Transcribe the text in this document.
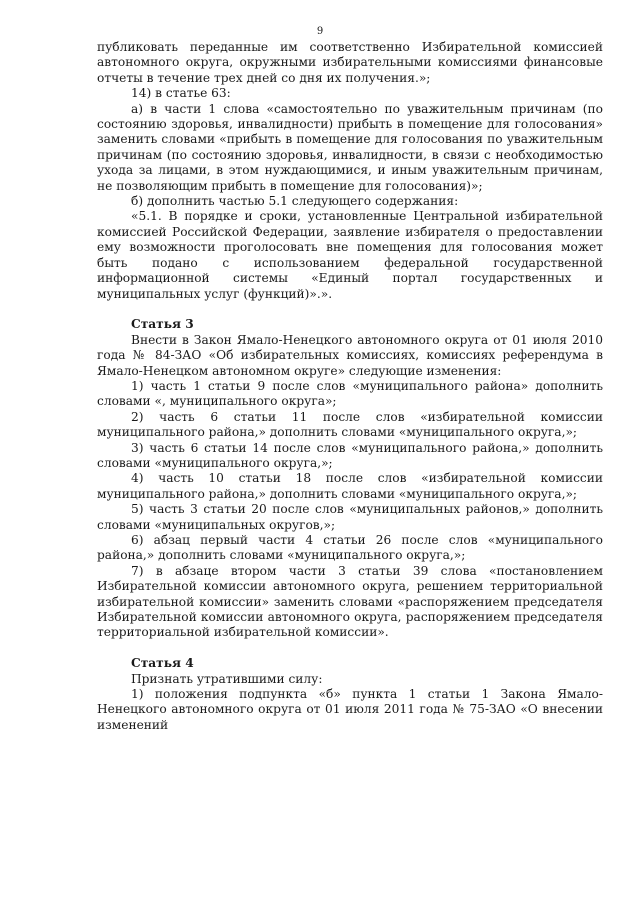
9

публиковать переданные им соответственно Избирательной комиссией автономного округа, окружными избирательными комиссиями финансовые отчеты в течение трех дней со дня их получения.»;

14) в статье 63:

а) в части 1 слова «самостоятельно по уважительным причинам (по состоянию здоровья, инвалидности) прибыть в помещение для голосования» заменить словами «прибыть в помещение для голосования по уважительным причинам (по состоянию здоровья, инвалидности, в связи с необходимостью ухода за лицами, в этом нуждающимися, и иным уважительным причинам, не позволяющим прибыть в помещение для голосования)»;

б) дополнить частью 5.1 следующего содержания:

«5.1. В порядке и сроки, установленные Центральной избирательной комиссией Российской Федерации, заявление избирателя о предоставлении ему возможности проголосовать вне помещения для голосования может быть подано с использованием федеральной государственной информационной системы «Единый портал государственных и муниципальных услуг (функций)».».

Статья 3

Внести в Закон Ямало-Ненецкого автономного округа от 01 июля 2010 года № 84-ЗАО «Об избирательных комиссиях, комиссиях референдума в Ямало-Ненецком автономном округе» следующие изменения:

1) часть 1 статьи 9 после слов «муниципального района» дополнить словами «, муниципального округа»;

2) часть 6 статьи 11 после слов «избирательной комиссии муниципального района,» дополнить словами «муниципального округа,»;

3) часть 6 статьи 14 после слов «муниципального района,» дополнить словами «муниципального округа,»;

4) часть 10 статьи 18 после слов «избирательной комиссии муниципального района,» дополнить словами «муниципального округа,»;

5) часть 3 статьи 20 после слов «муниципальных районов,» дополнить словами «муниципальных округов,»;

6) абзац первый части 4 статьи 26 после слов «муниципального района,» дополнить словами «муниципального округа,»;

7) в абзаце втором части 3 статьи 39 слова «постановлением Избирательной комиссии автономного округа, решением территориальной избирательной комиссии» заменить словами «распоряжением председателя Избирательной комиссии автономного округа, распоряжением председателя территориальной избирательной комиссии».

Статья 4

Признать утратившими силу:

1) положения подпункта «б» пункта 1 статьи 1 Закона Ямало-Ненецкого автономного округа от 01 июля 2011 года № 75-ЗАО «О внесении изменений
